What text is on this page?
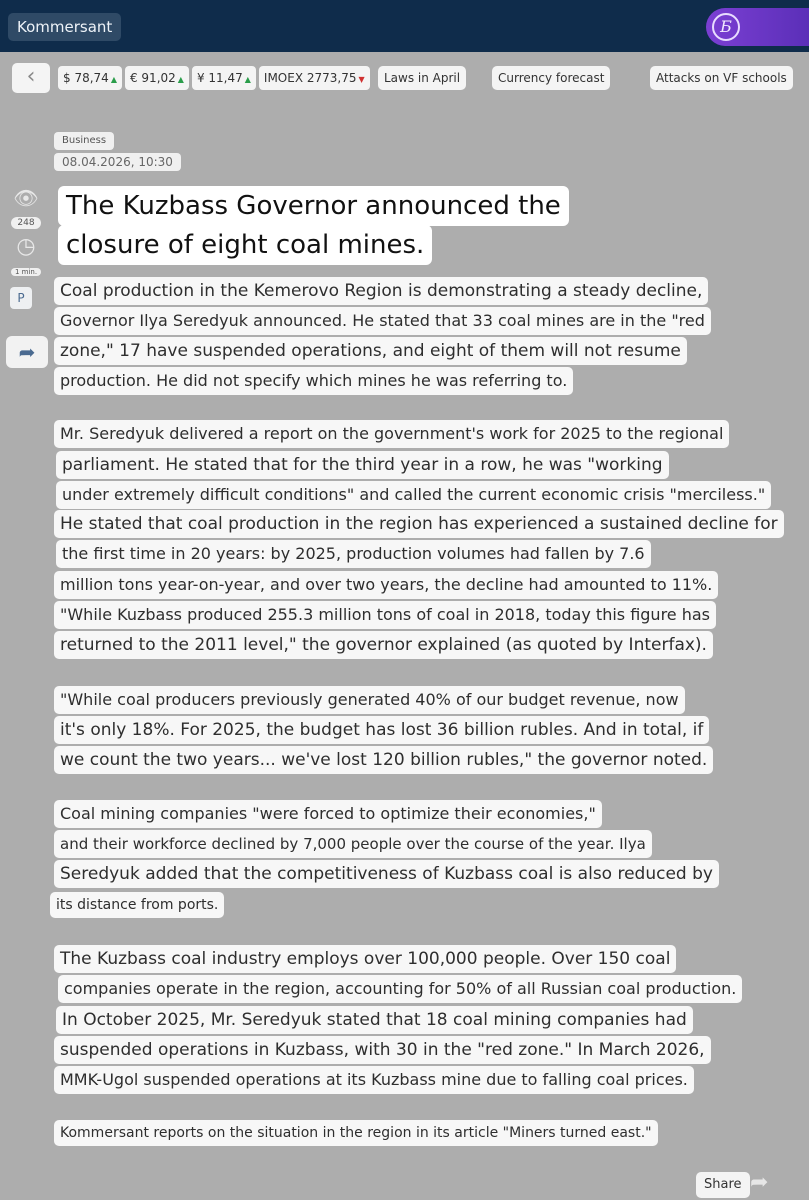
Kommersant	Б
‹	$ 78,74 ▲	€ 91,02 ▲	¥ 11,47 ▲	IMOEX 2773,75 ▼	Laws in April	Currency forecast	Attacks on VF schools
Business
08.04.2026, 10:30
👁
248
◷
1 min.
P
➦
The Kuzbass Governor announced the
closure of eight coal mines.
Coal production in the Kemerovo Region is demonstrating a steady decline,
Governor Ilya Seredyuk announced. He stated that 33 coal mines are in the "red
zone," 17 have suspended operations, and eight of them will not resume
production. He did not specify which mines he was referring to.
Mr. Seredyuk delivered a report on the government's work for 2025 to the regional
parliament. He stated that for the third year in a row, he was "working
under extremely difficult conditions" and called the current economic crisis "merciless."
He stated that coal production in the region has experienced a sustained decline for
the first time in 20 years: by 2025, production volumes had fallen by 7.6
million tons year-on-year, and over two years, the decline had amounted to 11%.
"While Kuzbass produced 255.3 million tons of coal in 2018, today this figure has
returned to the 2011 level," the governor explained (as quoted by Interfax).
"While coal producers previously generated 40% of our budget revenue, now
it's only 18%. For 2025, the budget has lost 36 billion rubles. And in total, if
we count the two years... we've lost 120 billion rubles," the governor noted.
Coal mining companies "were forced to optimize their economies,"
and their workforce declined by 7,000 people over the course of the year. Ilya
Seredyuk added that the competitiveness of Kuzbass coal is also reduced by
its distance from ports.
The Kuzbass coal industry employs over 100,000 people. Over 150 coal
companies operate in the region, accounting for 50% of all Russian coal production.
In October 2025, Mr. Seredyuk stated that 18 coal mining companies had
suspended operations in Kuzbass, with 30 in the "red zone." In March 2026,
MMK-Ugol suspended operations at its Kuzbass mine due to falling coal prices.
Kommersant reports on the situation in the region in its article "Miners turned east."
Share ➦
